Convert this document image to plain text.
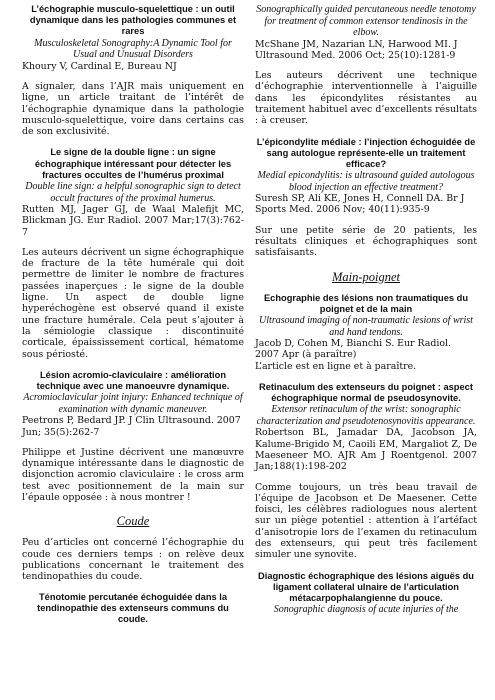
L’échographie musculo-squelettique : un outil dynamique dans les pathologies communes et rares

Musculoskeletal Sonography:A Dynamic Tool for Usual and Unusual Disorders

Khoury V, Cardinal E, Bureau NJ

A signaler, dans l’AJR mais uniquement en ligne, un article traitant de l’intérêt de l’échographie dynamique dans la pathologie musculo-squelettique, voire dans certains cas de son exclusivité.

Le signe de la double ligne : un signe échographique intéressant pour détecter les fractures occultes de l’humérus proximal

Double line sign: a helpful sonographic sign to detect occult fractures of the proximal humerus.

Rutten MJ, Jager GJ, de Waal Malefijt MC, Blickman JG. Eur Radiol. 2007 Mar;17(3):762-7

Les auteurs décrivent un signe échographique de fracture de la tête humérale qui doit permettre de limiter le nombre de fractures passées inaperçues : le signe de la double ligne. Un aspect de double ligne hyperéchogène est observé quand il existe une fracture humérale. Cela peut s’ajouter à la sémiologie classique : discontinuité corticale, épaississement cortical, hématome sous périosté.

Lésion acromio-claviculaire : amélioration technique avec une manoeuvre dynamique.

Acromioclavicular joint injury: Enhanced technique of examination with dynamic maneuver.

Peetrons P, Bedard JP. J Clin Ultrasound. 2007 Jun; 35(5):262-7

Philippe et Justine décrivent une manœuvre dynamique intéressante dans le diagnostic de disjonction acromio claviculaire : le cross arm test avec positionnement de la main sur l’épaule opposée : à nous montrer !

Coude

Peu d’articles ont concerné l’échographie du coude ces derniers temps : on relève deux publications concernant le traitement des tendinopathies du coude.

Ténotomie percutanée échoguidée dans la tendinopathie des extenseurs communs du coude.

Sonographically guided percutaneous needle tenotomy for treatment of common extensor tendinosis in the elbow.

McShane JM, Nazarian LN, Harwood MI. J Ultrasound Med. 2006 Oct; 25(10):1281-9

Les auteurs décrivent une technique d’échographie interventionnelle à l’aiguille dans les épicondylites résistantes au traitement habituel avec d’excellents résultats : à creuser.

L’épicondylite médiale : l’injection échoguidée de sang autologue représente-elle un traitement efficace?

Medial epicondylitis: is ultrasound guided autologous blood injection an effective treatment?

Suresh SP, Ali KE, Jones H, Connell DA. Br J Sports Med. 2006 Nov; 40(11):935-9

Sur une petite série de 20 patients, les résultats cliniques et échographiques sont satisfaisants.

Main-poignet

Echographie des lésions non traumatiques du poignet et de la main

Ultrasound imaging of non-traumatic lesions of wrist and hand tendons.

Jacob D, Cohen M, Bianchi S. Eur Radiol. 2007 Apr (à paraître)

L’article est en ligne et à paraître.

Retinaculum des extenseurs du poignet : aspect échographique normal de pseudosynovite.

Extensor retinaculum of the wrist: sonographic characterization and pseudotenosynovitis appearance.

Robertson BL, Jamadar DA, Jacobson JA, Kalume-Brigido M, Caoili EM, Margaliot Z, De Maeseneer MO. AJR Am J Roentgenol. 2007 Jan;188(1):198-202

Comme toujours, un très beau travail de l’équipe de Jacobson et De Maesener. Cette foisci, les célèbres radiologues nous alertent sur un piège potentiel : attention à l’artéfact d’anisotropie lors de l’examen du retinaculum des extenseurs, qui peut très facilement simuler une synovite.

Diagnostic échographique des lésions aiguës du ligament collateral ulnaire de l’articulation métacarpophalangienne du pouce.

Sonographic diagnosis of acute injuries of the
